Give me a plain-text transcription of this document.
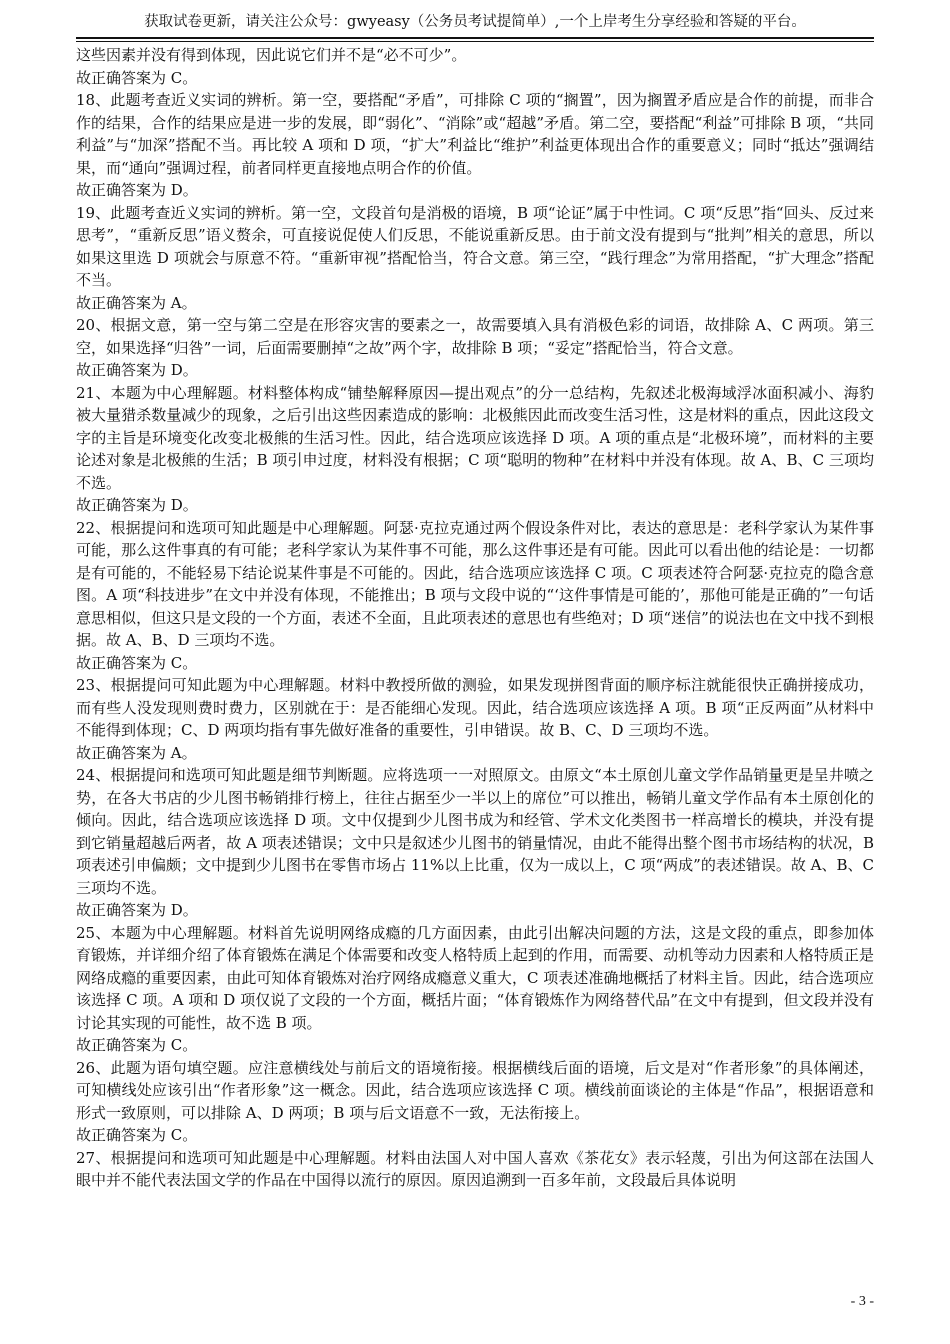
获取试卷更新，请关注公众号：gwyeasy（公务员考试提简单）,一个上岸考生分享经验和答疑的平台。

这些因素并没有得到体现，因此说它们并不是“必不可少”。

故正确答案为 C。

18、此题考查近义实词的辨析。第一空，要搭配“矛盾”，可排除 C 项的“搁置”，因为搁置矛盾应是合作的前提，而非合作的结果，合作的结果应是进一步的发展，即“弱化”、“消除”或“超越”矛盾。第二空，要搭配“利益”可排除 B 项，“共同利益”与“加深”搭配不当。再比较 A 项和 D 项，“扩大”利益比“维护”利益更体现出合作的重要意义；同时“抵达”强调结果，而“通向”强调过程，前者同样更直接地点明合作的价值。

故正确答案为 D。

19、此题考查近义实词的辨析。第一空，文段首句是消极的语境，B 项“论证”属于中性词。C 项“反思”指“回头、反过来思考”，“重新反思”语义赘余，可直接说促使人们反思，不能说重新反思。由于前文没有提到与“批判”相关的意思，所以如果这里选 D 项就会与原意不符。“重新审视”搭配恰当，符合文意。第三空，“践行理念”为常用搭配，“扩大理念”搭配不当。

故正确答案为 A。

20、根据文意，第一空与第二空是在形容灾害的要素之一，故需要填入具有消极色彩的词语，故排除 A、C 两项。第三空，如果选择“归咎”一词，后面需要删掉“之故”两个字，故排除 B 项；“妥定”搭配恰当，符合文意。

故正确答案为 D。

21、本题为中心理解题。材料整体构成“铺垫解释原因—提出观点”的分一总结构，先叙述北极海域浮冰面积减小、海豹被大量猎杀数量减少的现象，之后引出这些因素造成的影响：北极熊因此而改变生活习性，这是材料的重点，因此这段文字的主旨是环境变化改变北极熊的生活习性。因此，结合选项应该选择 D 项。A 项的重点是“北极环境”，而材料的主要论述对象是北极熊的生活；B 项引申过度，材料没有根据；C 项“聪明的物种”在材料中并没有体现。故 A、B、C 三项均不选。

故正确答案为 D。

22、根据提问和选项可知此题是中心理解题。阿瑟·克拉克通过两个假设条件对比，表达的意思是：老科学家认为某件事可能，那么这件事真的有可能；老科学家认为某件事不可能，那么这件事还是有可能。因此可以看出他的结论是：一切都是有可能的，不能轻易下结论说某件事是不可能的。因此，结合选项应该选择 C 项。C 项表述符合阿瑟·克拉克的隐含意图。A 项“科技进步”在文中并没有体现，不能推出；B 项与文段中说的“‘这件事情是可能的’，那他可能是正确的”一句话意思相似，但这只是文段的一个方面，表述不全面，且此项表述的意思也有些绝对；D 项“迷信”的说法也在文中找不到根据。故 A、B、D 三项均不选。

故正确答案为 C。

23、根据提问可知此题为中心理解题。材料中教授所做的测验，如果发现拼图背面的顺序标注就能很快正确拼接成功，而有些人没发现则费时费力，区别就在于：是否能细心发现。因此，结合选项应该选择 A 项。B 项“正反两面”从材料中不能得到体现；C、D 两项均指有事先做好准备的重要性，引申错误。故 B、C、D 三项均不选。

故正确答案为 A。

24、根据提问和选项可知此题是细节判断题。应将选项一一对照原文。由原文“本土原创儿童文学作品销量更是呈井喷之势，在各大书店的少儿图书畅销排行榜上，往往占据至少一半以上的席位”可以推出，畅销儿童文学作品有本土原创化的倾向。因此，结合选项应该选择 D 项。文中仅提到少儿图书成为和经管、学术文化类图书一样高增长的模块，并没有提到它销量超越后两者，故 A 项表述错误；文中只是叙述少儿图书的销量情况，由此不能得出整个图书市场结构的状况，B 项表述引申偏颇；文中提到少儿图书在零售市场占 11%以上比重，仅为一成以上，C 项“两成”的表述错误。故 A、B、C 三项均不选。

故正确答案为 D。

25、本题为中心理解题。材料首先说明网络成瘾的几方面因素，由此引出解决问题的方法，这是文段的重点，即参加体育锻炼，并详细介绍了体育锻炼在满足个体需要和改变人格特质上起到的作用，而需要、动机等动力因素和人格特质正是网络成瘾的重要因素，由此可知体育锻炼对治疗网络成瘾意义重大，C 项表述准确地概括了材料主旨。因此，结合选项应该选择 C 项。A 项和 D 项仅说了文段的一个方面，概括片面；“体育锻炼作为网络替代品”在文中有提到，但文段并没有讨论其实现的可能性，故不选 B 项。

故正确答案为 C。

26、此题为语句填空题。应注意横线处与前后文的语境衔接。根据横线后面的语境，后文是对“作者形象”的具体阐述，可知横线处应该引出“作者形象”这一概念。因此，结合选项应该选择 C 项。横线前面谈论的主体是“作品”，根据语意和形式一致原则，可以排除 A、D 两项；B 项与后文语意不一致，无法衔接上。

故正确答案为 C。

27、根据提问和选项可知此题是中心理解题。材料由法国人对中国人喜欢《茶花女》表示轻蔑，引出为何这部在法国人眼中并不能代表法国文学的作品在中国得以流行的原因。原因追溯到一百多年前，文段最后具体说明

- 3 -
